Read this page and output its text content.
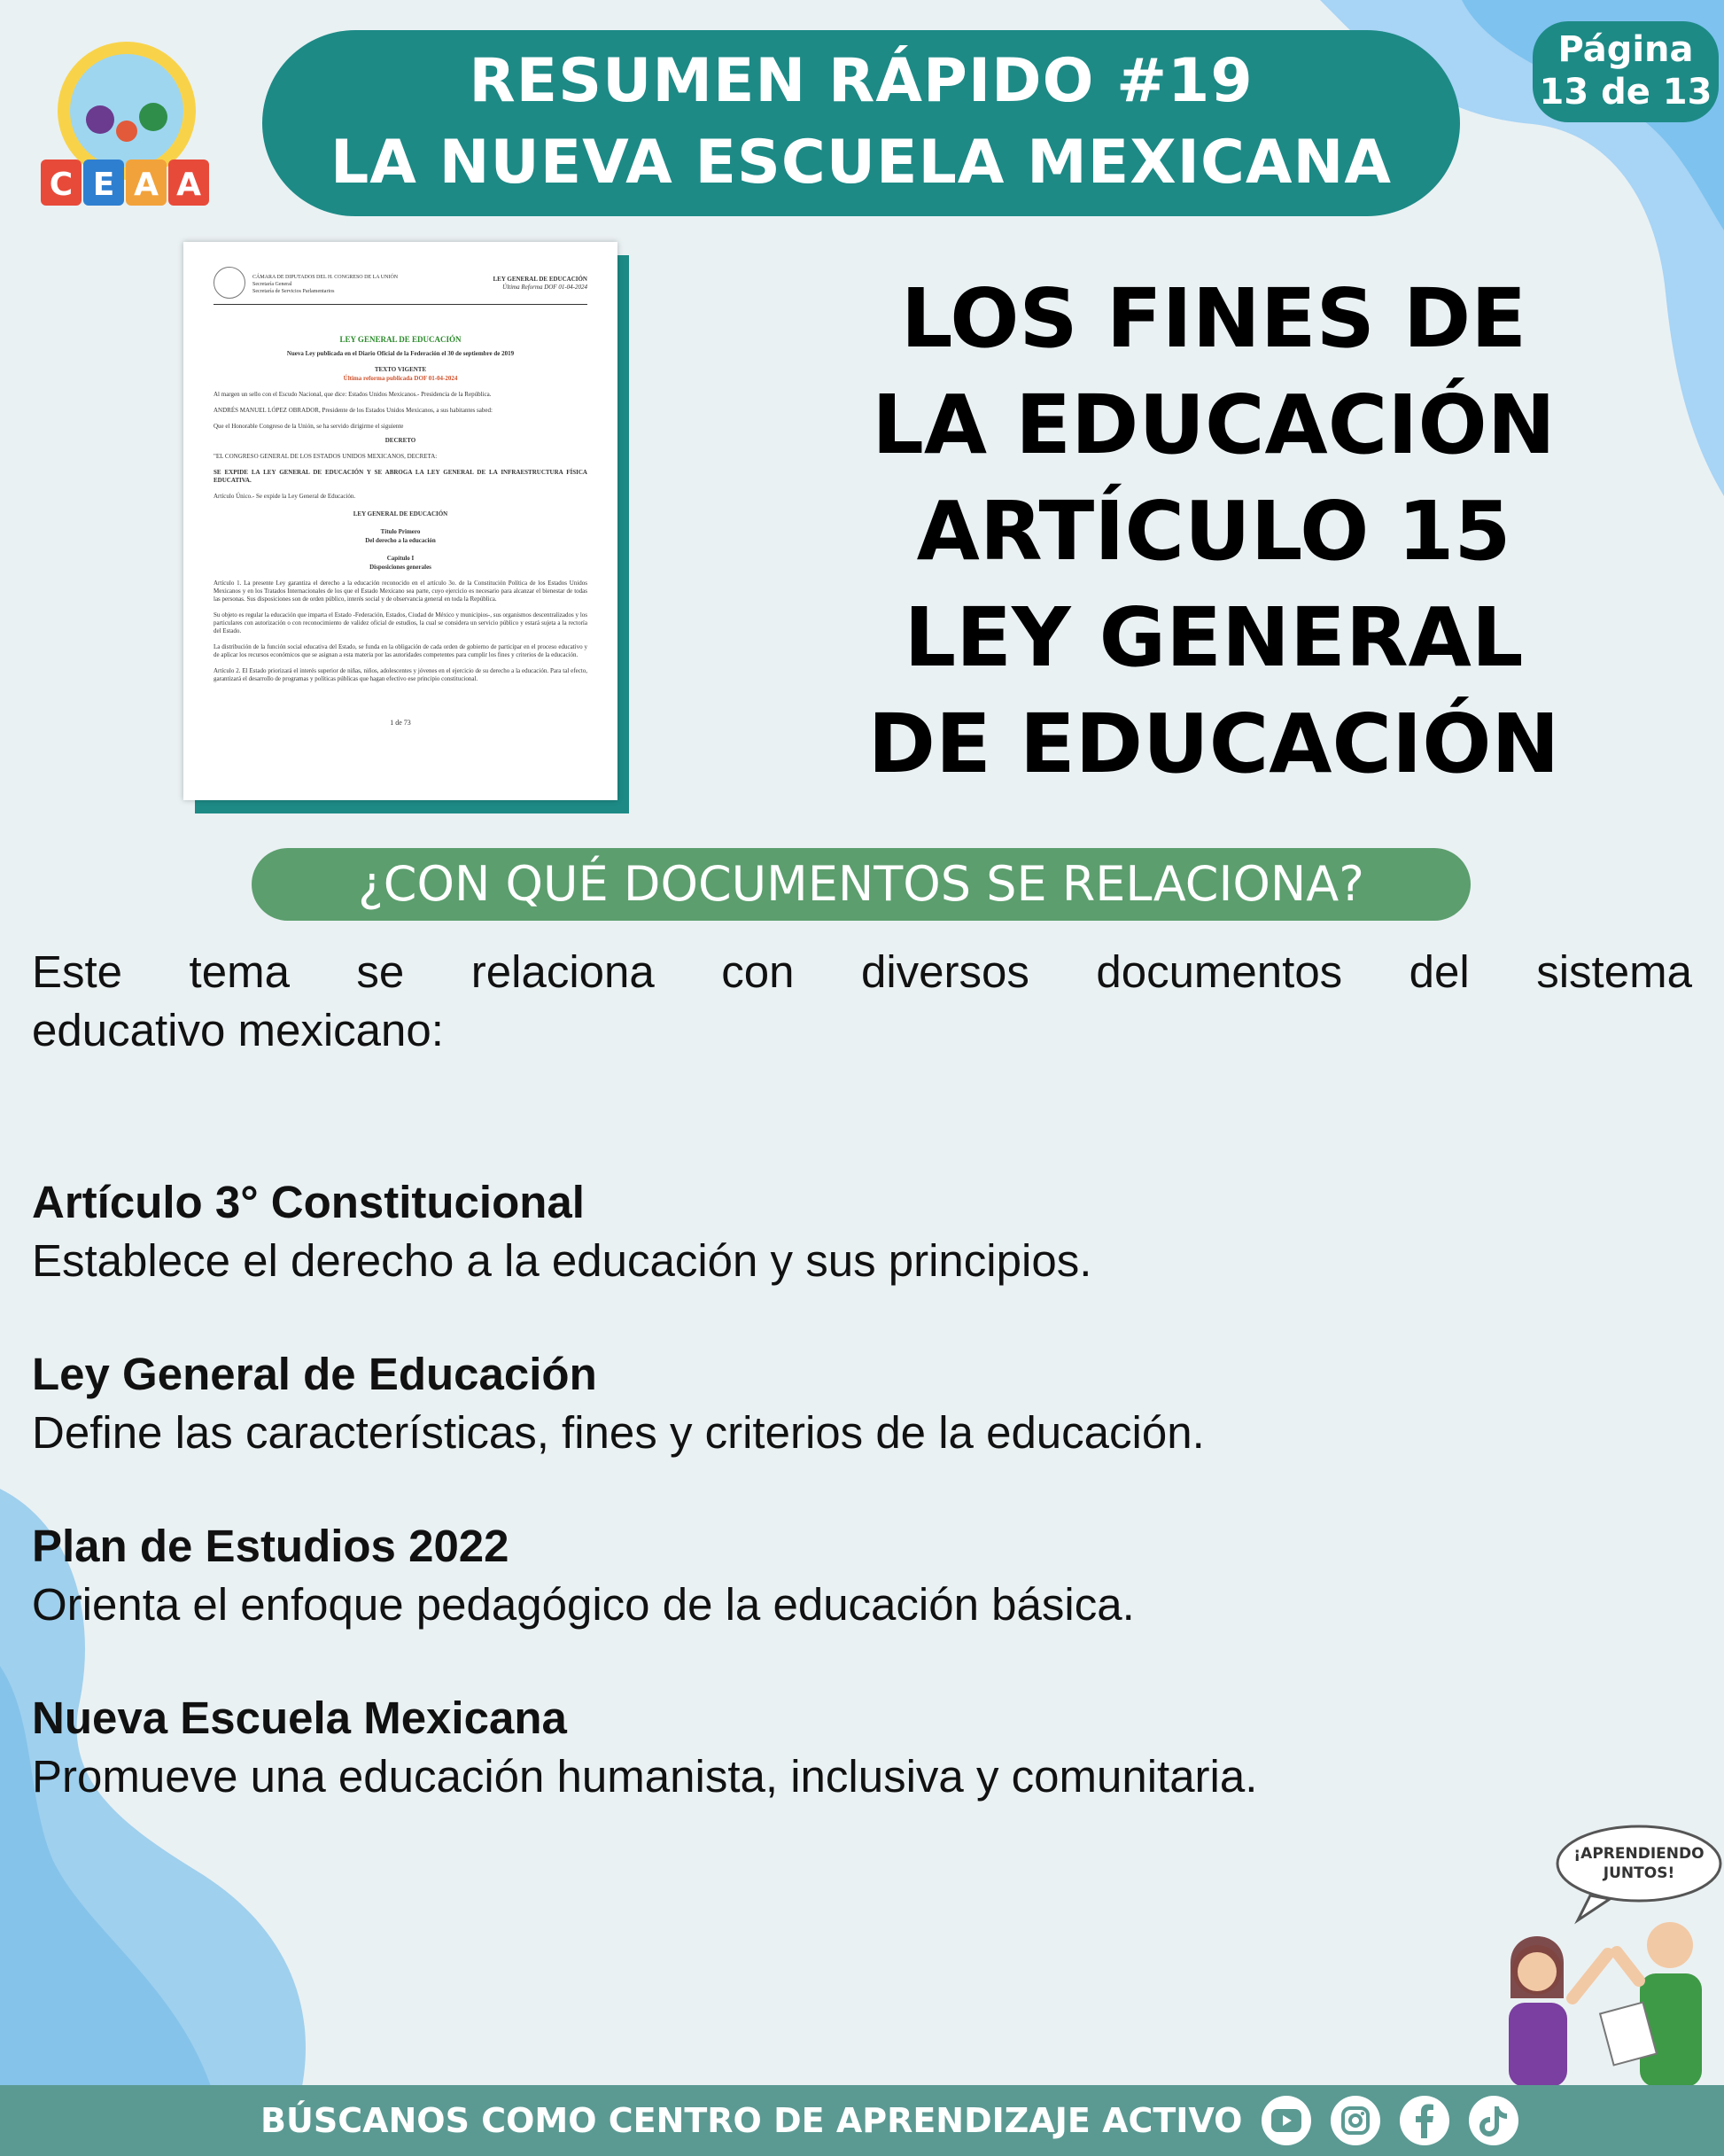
C E A A
RESUMEN RÁPIDO #19
LA NUEVA ESCUELA MEXICANA
Página
13 de 13
CÁMARA DE DIPUTADOS DEL H. CONGRESO DE LA UNIÓN
Secretaría General
Secretaría de Servicios Parlamentarios
LEY GENERAL DE EDUCACIÓN
Última Reforma DOF 01-04-2024
LEY GENERAL DE EDUCACIÓN
Nueva Ley publicada en el Diario Oficial de la Federación el 30 de septiembre de 2019
TEXTO VIGENTE
Última reforma publicada DOF 01-04-2024

Al margen un sello con el Escudo Nacional, que dice: Estados Unidos Mexicanos.- Presidencia de la República.

ANDRÉS MANUEL LÓPEZ OBRADOR, Presidente de los Estados Unidos Mexicanos, a sus habitantes sabed:

Que el Honorable Congreso de la Unión, se ha servido dirigirme el siguiente

DECRETO

"EL CONGRESO GENERAL DE LOS ESTADOS UNIDOS MEXICANOS, DECRETA:

SE EXPIDE LA LEY GENERAL DE EDUCACIÓN Y SE ABROGA LA LEY GENERAL DE LA INFRAESTRUCTURA FÍSICA EDUCATIVA.

Artículo Único.- Se expide la Ley General de Educación.

LEY GENERAL DE EDUCACIÓN
Título Primero
Del derecho a la educación
Capítulo I
Disposiciones generales

Artículo 1. La presente Ley garantiza el derecho a la educación reconocido en el artículo 3o. de la Constitución Política de los Estados Unidos Mexicanos y en los Tratados Internacionales de los que el Estado Mexicano sea parte, cuyo ejercicio es necesario para alcanzar el bienestar de todas las personas. Sus disposiciones son de orden público, interés social y de observancia general en toda la República.

Su objeto es regular la educación que imparta el Estado -Federación, Estados, Ciudad de México y municipios-, sus organismos descentralizados y los particulares con autorización o con reconocimiento de validez oficial de estudios, la cual se considera un servicio público y estará sujeta a la rectoría del Estado.

La distribución de la función social educativa del Estado, se funda en la obligación de cada orden de gobierno de participar en el proceso educativo y de aplicar los recursos económicos que se asignan a esta materia por las autoridades competentes para cumplir los fines y criterios de la educación.

Artículo 2. El Estado priorizará el interés superior de niñas, niños, adolescentes y jóvenes en el ejercicio de su derecho a la educación. Para tal efecto, garantizará el desarrollo de programas y políticas públicas que hagan efectivo ese principio constitucional.

1 de 73
LOS FINES DE
LA EDUCACIÓN
ARTÍCULO 15
LEY GENERAL
DE EDUCACIÓN
¿CON QUÉ DOCUMENTOS SE RELACIONA?
Este tema se relaciona con diversos documentos del sistema
educativo mexicano:
Artículo 3° Constitucional
Establece el derecho a la educación y sus principios.
Ley General de Educación
Define las características, fines y criterios de la educación.
Plan de Estudios 2022
Orienta el enfoque pedagógico de la educación básica.
Nueva Escuela Mexicana
Promueve una educación humanista, inclusiva y comunitaria.
¡APRENDIENDO
JUNTOS!
BÚSCANOS COMO CENTRO DE APRENDIZAJE ACTIVO
